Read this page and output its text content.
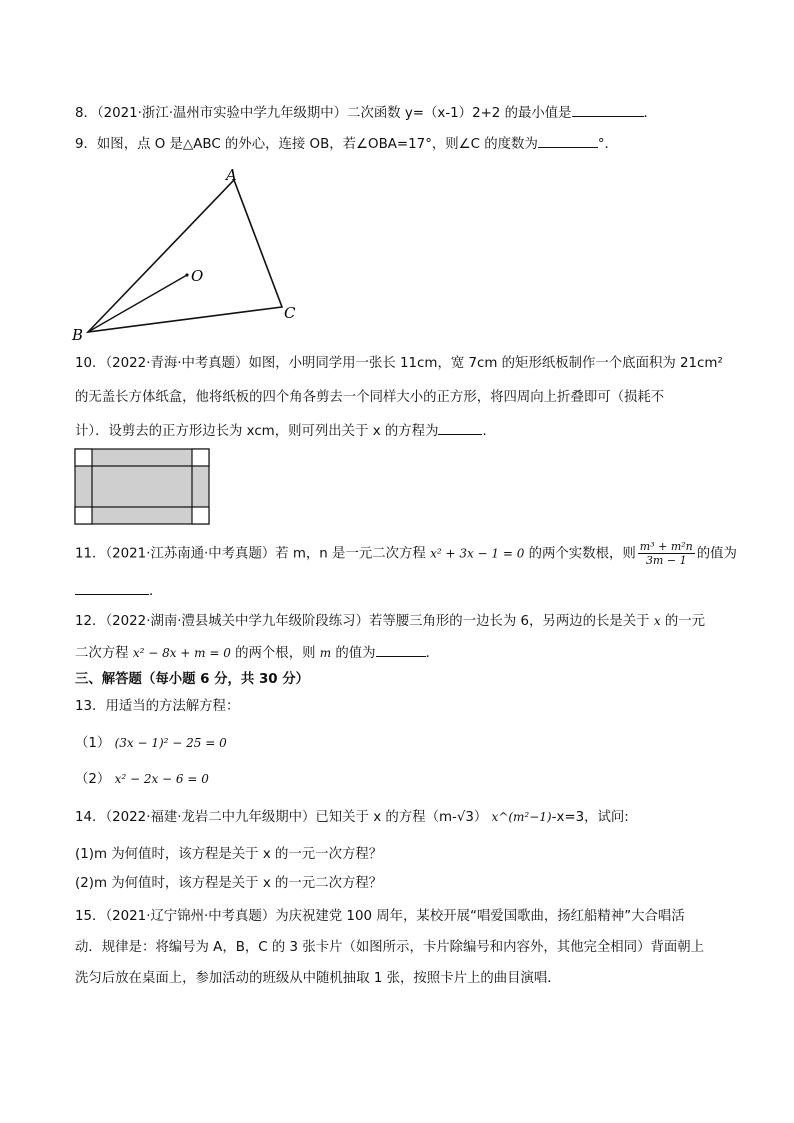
8．（2021·浙江·温州市实验中学九年级期中）二次函数 y=（x-1）2+2 的最小值是	．
9．如图，点 O 是△ABC 的外心，连接 OB，若∠OBA=17°，则∠C 的度数为	°．
A
O
B
C
10．（2022·青海·中考真题）如图，小明同学用一张长 11cm，宽 7cm 的矩形纸板制作一个底面积为 21cm²
的无盖长方体纸盒，他将纸板的四个角各剪去一个同样大小的正方形，将四周向上折叠即可（损耗不
计）．设剪去的正方形边长为 xcm，则可列出关于 x 的方程为	．
11．（2021·江苏南通·中考真题）若 m，n 是一元二次方程 x² + 3x − 1 = 0 的两个实数根，则 $\frac{\text{m³ + m²n}}{3m - 1}$ 的值为
．
12．（2022·湖南·澧县城关中学九年级阶段练习）若等腰三角形的一边长为 6，另两边的长是关于 x 的一元
二次方程 x² − 8x + m = 0 的两个根，则 m 的值为	．
三、解答题（每小题 6 分，共 30 分）
13．用适当的方法解方程：
（1） (3x − 1)² − 25 = 0
（2） x² − 2x − 6 = 0
14．（2022·福建·龙岩二中九年级期中）已知关于 x 的方程（m-√3） x^(m²−1)-x=3，试问:
(1)m 为何值时，该方程是关于 x 的一元一次方程？
(2)m 为何值时，该方程是关于 x 的一元二次方程？
15．（2021·辽宁锦州·中考真题）为庆祝建党 100 周年，某校开展“唱爱国歌曲，扬红船精神”大合唱活
动．规律是：将编号为 A，B，C 的 3 张卡片（如图所示，卡片除编号和内容外，其他完全相同）背面朝上
洗匀后放在桌面上，参加活动的班级从中随机抽取 1 张，按照卡片上的曲目演唱．
